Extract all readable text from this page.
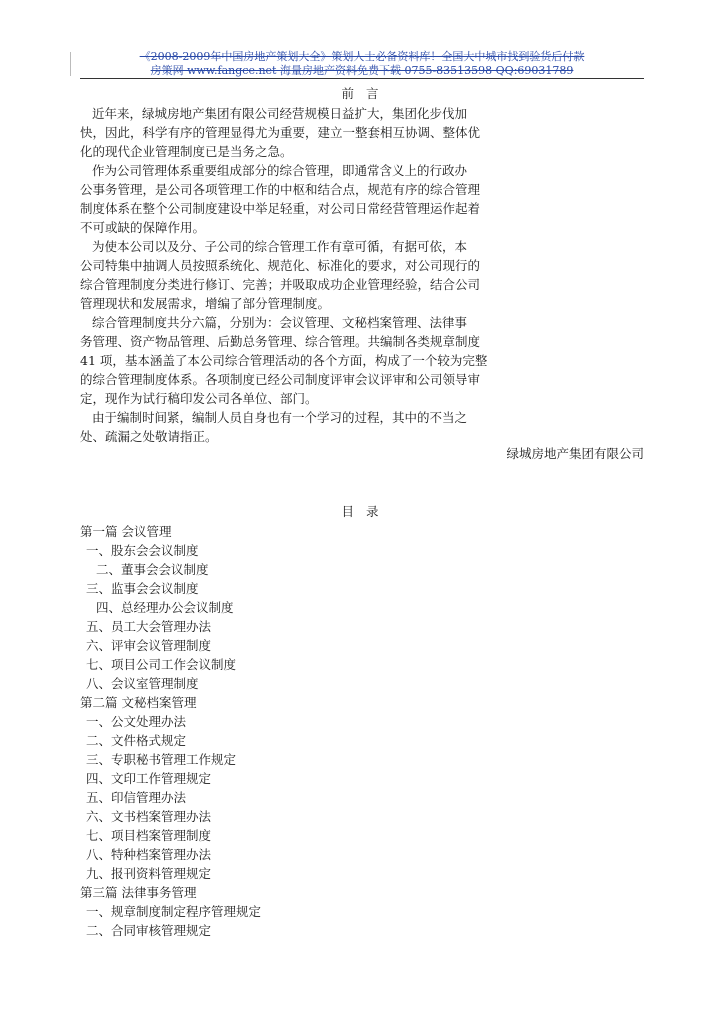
《2008-2009年中国房地产策划大全》策划人士必备资料库！全国大中城市找到验货后付款
房策网 www.fangce.net 海量房地产资料免费下载 0755-83513598 QQ:69031789
前 言

近年来，绿城房地产集团有限公司经营规模日益扩大，集团化步伐加

快，因此，科学有序的管理显得尤为重要，建立一整套相互协调、整体优

化的现代企业管理制度已是当务之急。

作为公司管理体系重要组成部分的综合管理，即通常含义上的行政办

公事务管理，是公司各项管理工作的中枢和结合点，规范有序的综合管理

制度体系在整个公司制度建设中举足轻重，对公司日常经营管理运作起着

不可或缺的保障作用。

为使本公司以及分、子公司的综合管理工作有章可循，有据可依，本

公司特集中抽调人员按照系统化、规范化、标准化的要求，对公司现行的

综合管理制度分类进行修订、完善；并吸取成功企业管理经验，结合公司

管理现状和发展需求，增编了部分管理制度。

综合管理制度共分六篇，分别为：会议管理、文秘档案管理、法律事

务管理、资产物品管理、后勤总务管理、综合管理。共编制各类规章制度

41 项，基本涵盖了本公司综合管理活动的各个方面，构成了一个较为完整

的综合管理制度体系。各项制度已经公司制度评审会议评审和公司领导审

定，现作为试行稿印发公司各单位、部门。

由于编制时间紧，编制人员自身也有一个学习的过程，其中的不当之

处、疏漏之处敬请指正。

绿城房地产集团有限公司
目 录
第一篇 会议管理
一、股东会会议制度
二、董事会会议制度
三、监事会会议制度
四、总经理办公会议制度
五、员工大会管理办法
六、评审会议管理制度
七、项目公司工作会议制度
八、会议室管理制度
第二篇 文秘档案管理
一、公文处理办法
二、文件格式规定
三、专职秘书管理工作规定
四、文印工作管理规定
五、印信管理办法
六、文书档案管理办法
七、项目档案管理制度
八、特种档案管理办法
九、报刊资料管理规定
第三篇 法律事务管理
一、规章制度制定程序管理规定
二、合同审核管理规定
